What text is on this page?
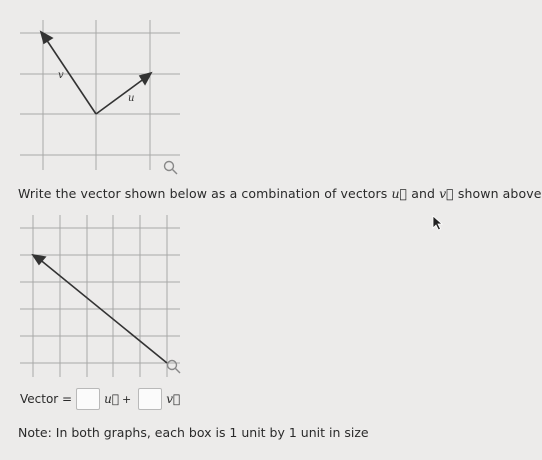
v
u
Write the vector shown below as a combination of vectors u⃗ and v⃗ shown above
Vector =	u⃗ +	v⃗
Note: In both graphs, each box is 1 unit by 1 unit in size
